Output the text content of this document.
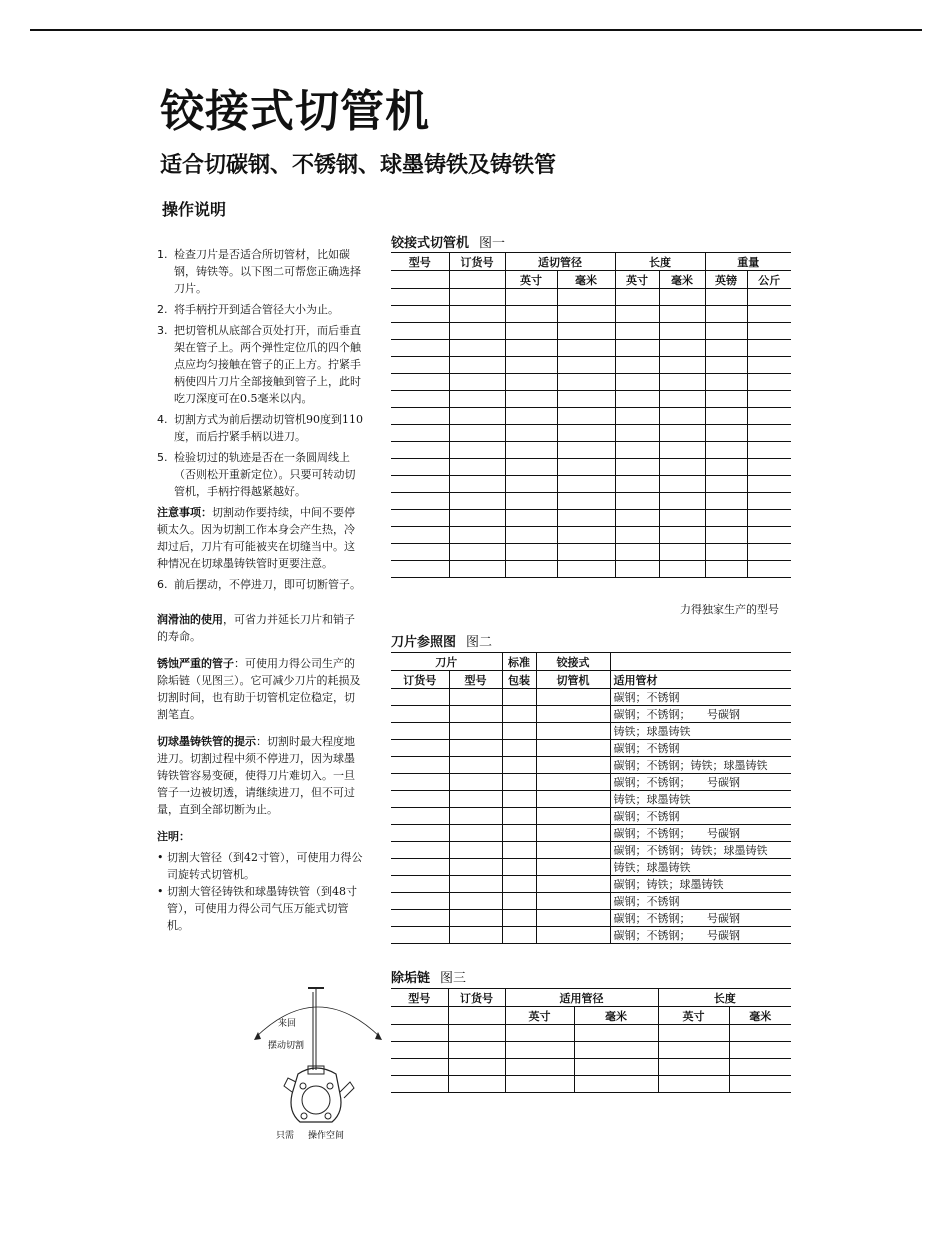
铰接式切管机
适合切碳钢、不锈钢、球墨铸铁及铸铁管
操作说明
1. 检查刀片是否适合所切管材，比如碳钢，铸铁等。以下图二可帮您正确选择刀片。
2. 将手柄拧开到适合管径大小为止。
3. 把切管机从底部合页处打开，而后垂直架在管子上。两个弹性定位爪的四个触点应均匀接触在管子的正上方。拧紧手柄使四片刀片全部接触到管子上，此时吃刀深度可在0.5毫米以内。
4. 切割方式为前后摆动切管机90度到110度，而后拧紧手柄以进刀。
5. 检验切过的轨迹是否在一条圆周线上（否则松开重新定位）。只要可转动切管机，手柄拧得越紧越好。
注意事项：切割动作要持续，中间不要停顿太久。因为切割工作本身会产生热，冷却过后，刀片有可能被夹在切缝当中。这种情况在切球墨铸铁管时更要注意。
6. 前后摆动，不停进刀，即可切断管子。
润滑油的使用，可省力并延长刀片和销子的寿命。
锈蚀严重的管子：可使用力得公司生产的除垢链（见图三）。它可减少刀片的耗损及切割时间，也有助于切管机定位稳定，切割笔直。
切球墨铸铁管的提示：切割时最大程度地进刀。切割过程中须不停进刀，因为球墨铸铁管容易变硬，使得刀片难切入。一旦管子一边被切透，请继续进刀，但不可过量，直到全部切断为止。
注明：
• 切割大管径（到42寸管），可使用力得公司旋转式切管机。
• 切割大管径铸铁和球墨铸铁管（到48寸管），可使用力得公司气压万能式切管机。
来回
摆动切割
只需 操作空间
铰接式切管机 图一
型号	订货号	适切管径		长度		重量	
		英寸	毫米	英寸	毫米	英镑	公斤

力得独家生产的型号
刀片参照图 图二
刀片		标准	铰接式	
订货号	型号	包装	切管机	适用管材
				碳钢；不锈钢
				碳钢；不锈钢；　　号碳钢
				铸铁；球墨铸铁
				碳钢；不锈钢
				碳钢；不锈钢；铸铁；球墨铸铁
				碳钢；不锈钢；　　号碳钢
				铸铁；球墨铸铁
				碳钢；不锈钢
				碳钢；不锈钢；　　号碳钢
				碳钢；不锈钢；铸铁；球墨铸铁
				铸铁；球墨铸铁
				碳钢；铸铁；球墨铸铁
				碳钢；不锈钢
				碳钢；不锈钢；　　号碳钢
				碳钢；不锈钢；　　号碳钢
除垢链 图三
型号	订货号	适用管径		长度	
		英寸	毫米	英寸	毫米
